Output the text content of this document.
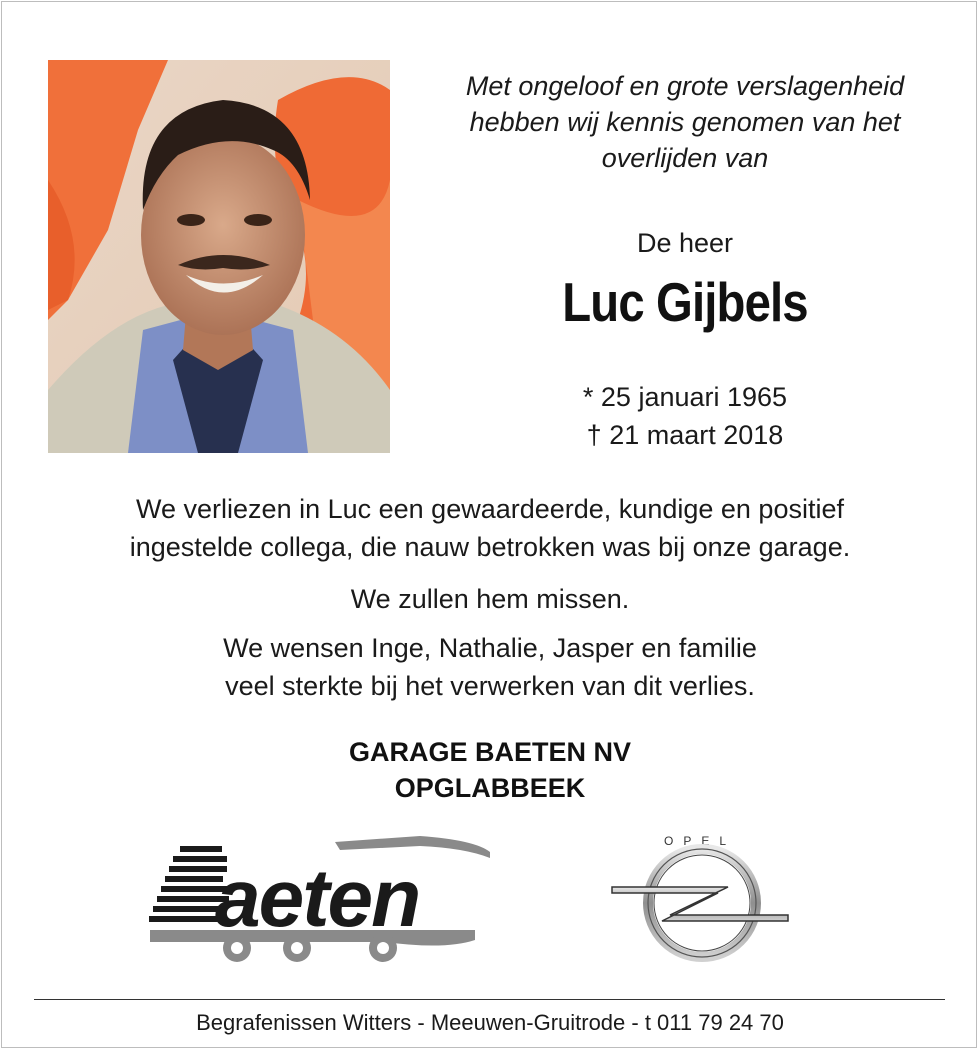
Met ongeloof en grote verslagenheid
hebben wij kennis genomen van het
overlijden van
De heer
Luc Gijbels
* 25 januari 1965
† 21 maart 2018
We verliezen in Luc een gewaardeerde, kundige en positief
ingestelde collega, die nauw betrokken was bij onze garage.
We zullen hem missen.
We wensen Inge, Nathalie, Jasper en familie
veel sterkte bij het verwerken van dit verlies.
GARAGE BAETEN NV
OPGLABBEEK
aeten
OPEL
Begrafenissen Witters - Meeuwen-Gruitrode - t 011 79 24 70
